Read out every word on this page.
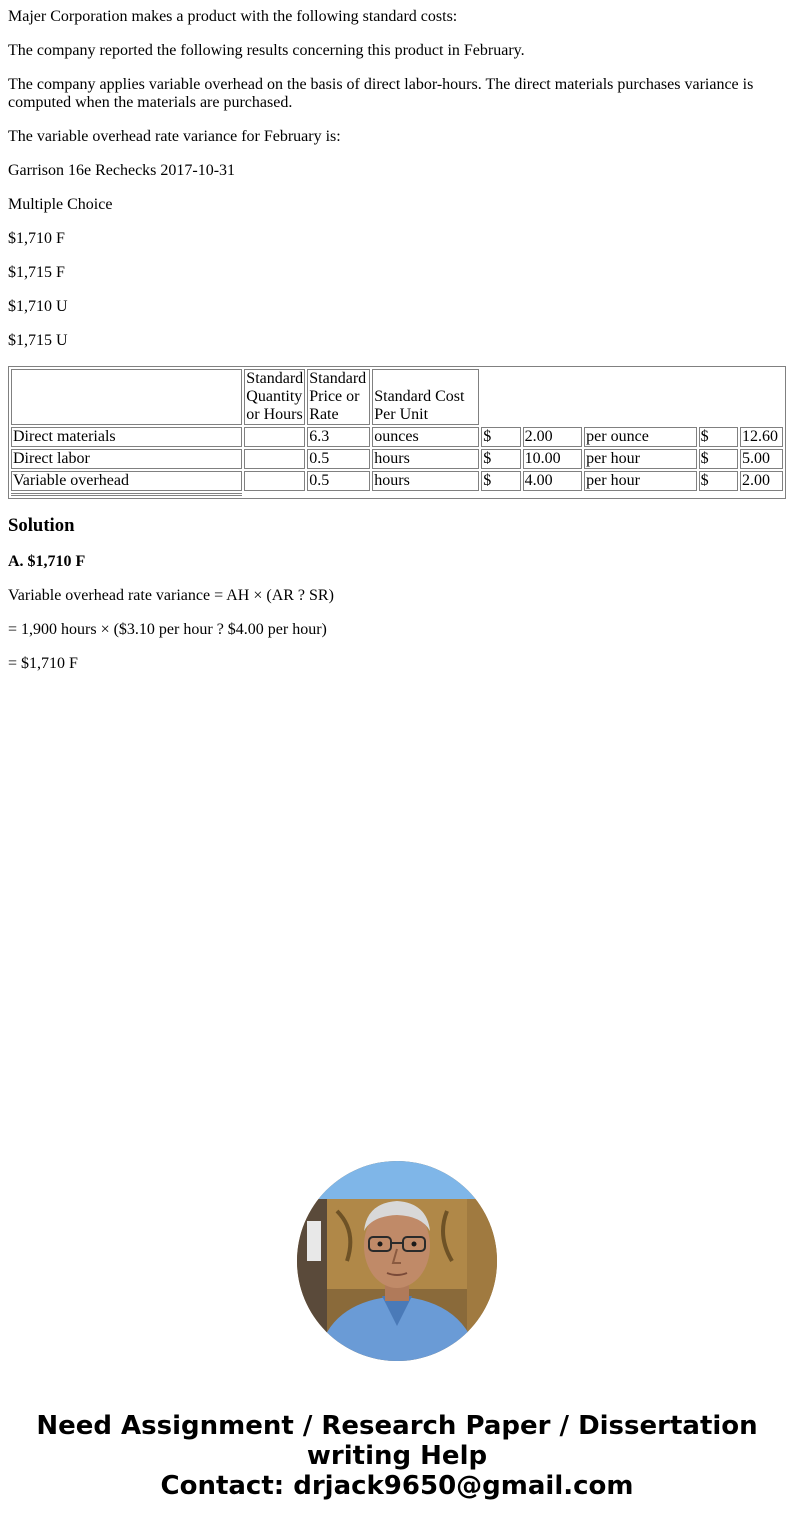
Majer Corporation makes a product with the following standard costs:

The company reported the following results concerning this product in February.

The company applies variable overhead on the basis of direct labor-hours. The direct materials purchases variance is computed when the materials are purchased.

The variable overhead rate variance for February is:

Garrison 16e Rechecks 2017-10-31

Multiple Choice

$1,710 F

$1,715 F

$1,710 U

$1,715 U

	Standard Quantity or Hours	Standard Price or Rate	Standard Cost Per Unit					
Direct materials		6.3	ounces	$	2.00	per ounce	$	12.60
Direct labor		0.5	hours	$	10.00	per hour	$	5.00
Variable overhead		0.5	hours	$	4.00	per hour	$	2.00

Solution

A. $1,710 F

Variable overhead rate variance = AH × (AR ? SR)

= 1,900 hours × ($3.10 per hour ? $4.00 per hour)

= $1,710 F

Need Assignment / Research Paper / Dissertation
writing Help
Contact: drjack9650@gmail.com
